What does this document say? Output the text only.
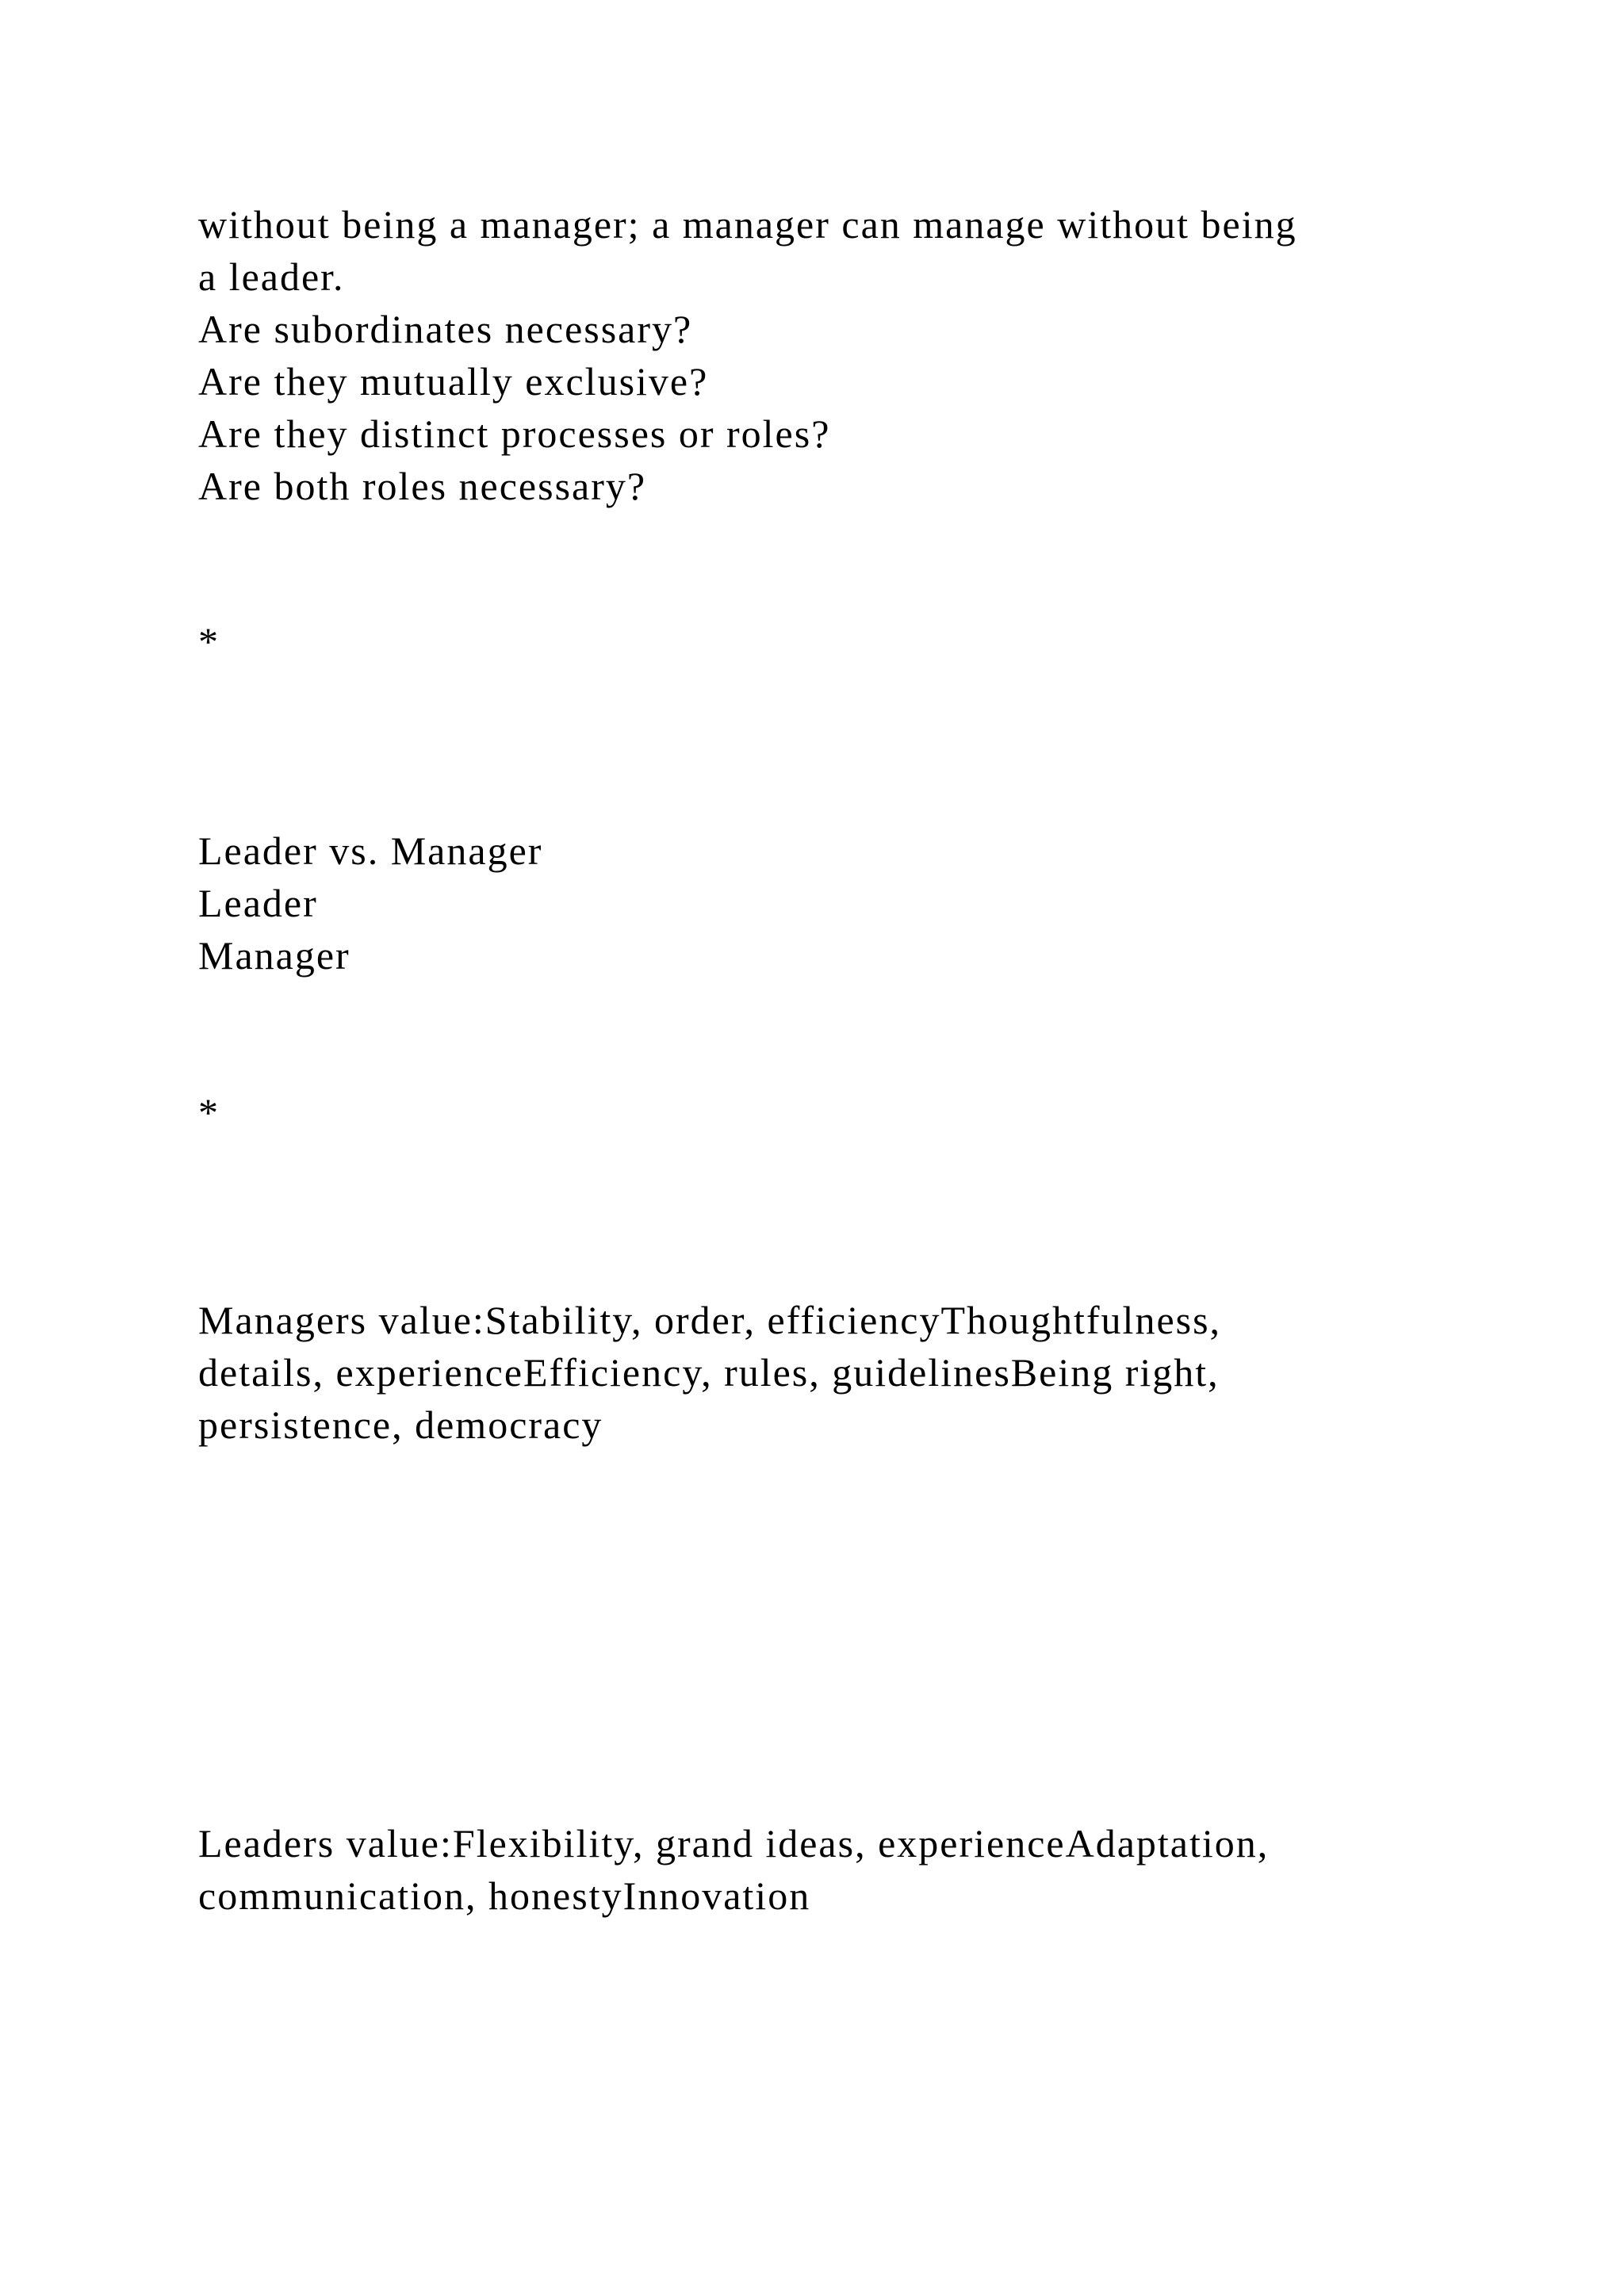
without being a manager; a manager can manage without being

a leader.

Are subordinates necessary?

Are they mutually exclusive?

Are they distinct processes or roles?

Are both roles necessary?

*

Leader vs. Manager

Leader

Manager

*

Managers value:Stability, order, efficiencyThoughtfulness,

details, experienceEfficiency, rules, guidelinesBeing right,

persistence, democracy

Leaders value:Flexibility, grand ideas, experienceAdaptation,

communication, honestyInnovation
